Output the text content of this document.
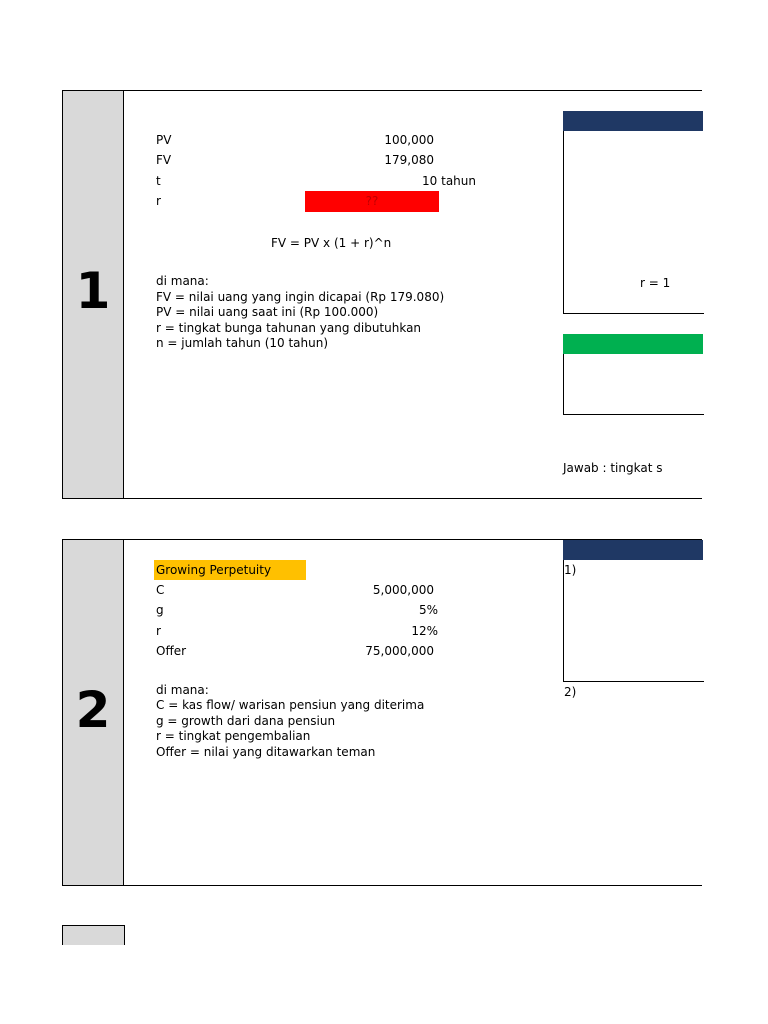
1
PV	100,000
FV	179,080
t	10 tahun
r	??
FV = PV x (1 + r)^n
di mana:
FV = nilai uang yang ingin dicapai (Rp 179.080)
PV = nilai uang saat ini (Rp 100.000)
r = tingkat bunga tahunan yang dibutuhkan
n = jumlah tahun (10 tahun)
r = 1
Jawab : tingkat s
2
Growing Perpetuity
C	5,000,000
g	5%
r	12%
Offer	75,000,000
di mana:
C = kas flow/ warisan pensiun yang diterima
g = growth dari dana pensiun
r = tingkat pengembalian
Offer = nilai yang ditawarkan teman
1)
2)
